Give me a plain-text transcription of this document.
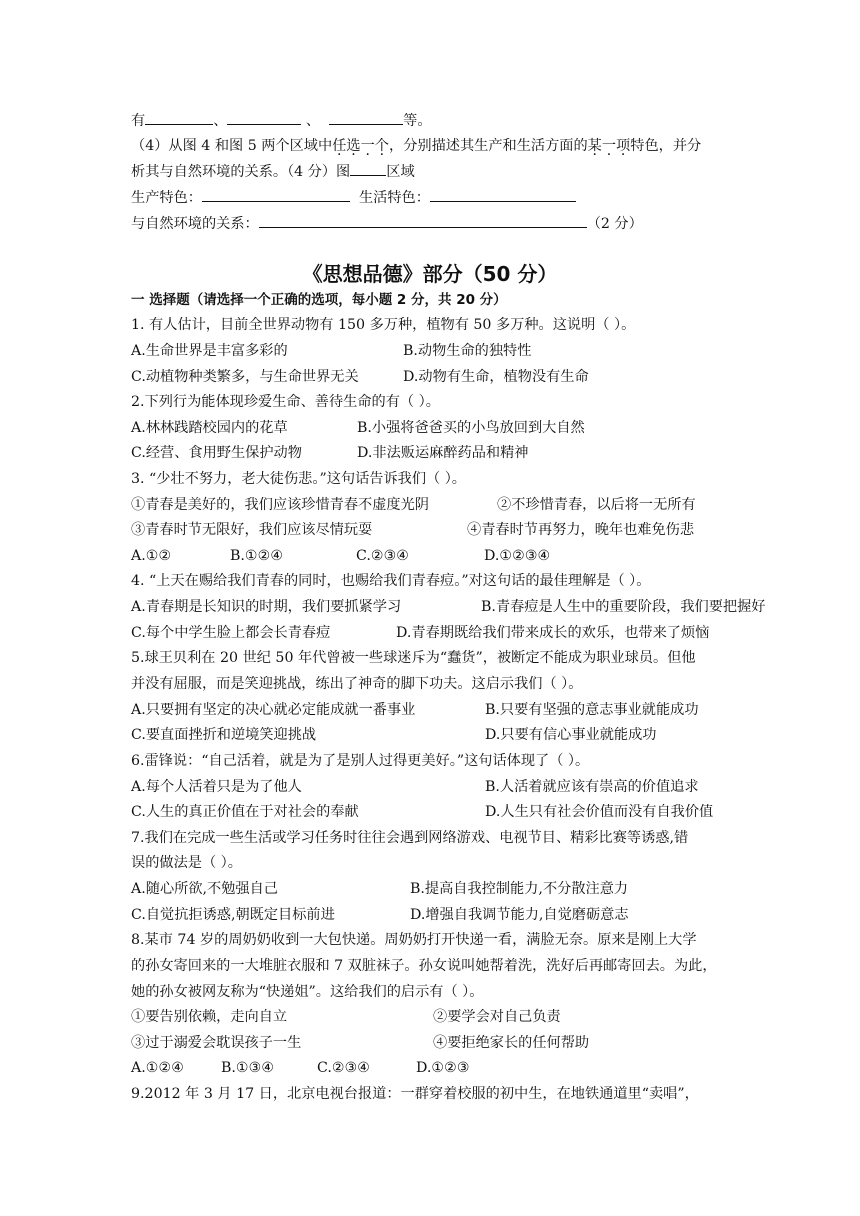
有	、	、	等。
（4）从图 4 和图 5 两个区域中任选一个，分别描述其生产和生活方面的某一项特色，并分
析其与自然环境的关系。（4 分）图	区域
生产特色：	生活特色：
与自然环境的关系：	（2 分）
《思想品德》部分（50 分）
一 选择题（请选择一个正确的选项，每小题 2 分，共 20 分）
1. 有人估计，目前全世界动物有 150 多万种，植物有 50 多万种。这说明（ ）。
A.生命世界是丰富多彩的	B.动物生命的独特性
C.动植物种类繁多，与生命世界无关	D.动物有生命，植物没有生命
2.下列行为能体现珍爱生命、善待生命的有（ ）。
A.林林践踏校园内的花草	B.小强将爸爸买的小鸟放回到大自然
C.经营、食用野生保护动物	D.非法贩运麻醉药品和精神
3. “少壮不努力，老大徒伤悲。”这句话告诉我们（ ）。
①青春是美好的，我们应该珍惜青春不虚度光阴	②不珍惜青春，以后将一无所有
③青春时节无限好，我们应该尽情玩耍	④青春时节再努力，晚年也难免伤悲
A.①②	B.①②④	C.②③④	D.①②③④
4. “上天在赐给我们青春的同时，也赐给我们青春痘。”对这句话的最佳理解是（ ）。
A.青春期是长知识的时期，我们要抓紧学习	B.青春痘是人生中的重要阶段，我们要把握好
C.每个中学生脸上都会长青春痘	D.青春期既给我们带来成长的欢乐，也带来了烦恼
5.球王贝利在 20 世纪 50 年代曾被一些球迷斥为“蠢货”，被断定不能成为职业球员。但他
并没有屈服，而是笑迎挑战，练出了神奇的脚下功夫。这启示我们（ ）。
A.只要拥有坚定的决心就必定能成就一番事业	B.只要有坚强的意志事业就能成功
C.要直面挫折和逆境笑迎挑战	D.只要有信心事业就能成功
6.雷锋说：“自己活着，就是为了是别人过得更美好。”这句话体现了（ ）。
A.每个人活着只是为了他人	B.人活着就应该有崇高的价值追求
C.人生的真正价值在于对社会的奉献	D.人生只有社会价值而没有自我价值
7.我们在完成一些生活或学习任务时往往会遇到网络游戏、电视节目、精彩比赛等诱惑,错
误的做法是（ ）。
A.随心所欲,不勉强自己	B.提高自我控制能力,不分散注意力
C.自觉抗拒诱惑,朝既定目标前进	D.增强自我调节能力,自觉磨砺意志
8.某市 74 岁的周奶奶收到一大包快递。周奶奶打开快递一看，满脸无奈。原来是刚上大学
的孙女寄回来的一大堆脏衣服和 7 双脏袜子。孙女说叫她帮着洗，洗好后再邮寄回去。为此，
她的孙女被网友称为“快递姐”。这给我们的启示有（ ）。
①要告别依赖，走向自立	②要学会对自己负责
③过于溺爱会耽误孩子一生	④要拒绝家长的任何帮助
A.①②④	B.①③④	C.②③④	D.①②③
9.2012 年 3 月 17 日，北京电视台报道：一群穿着校服的初中生，在地铁通道里“卖唱”，
